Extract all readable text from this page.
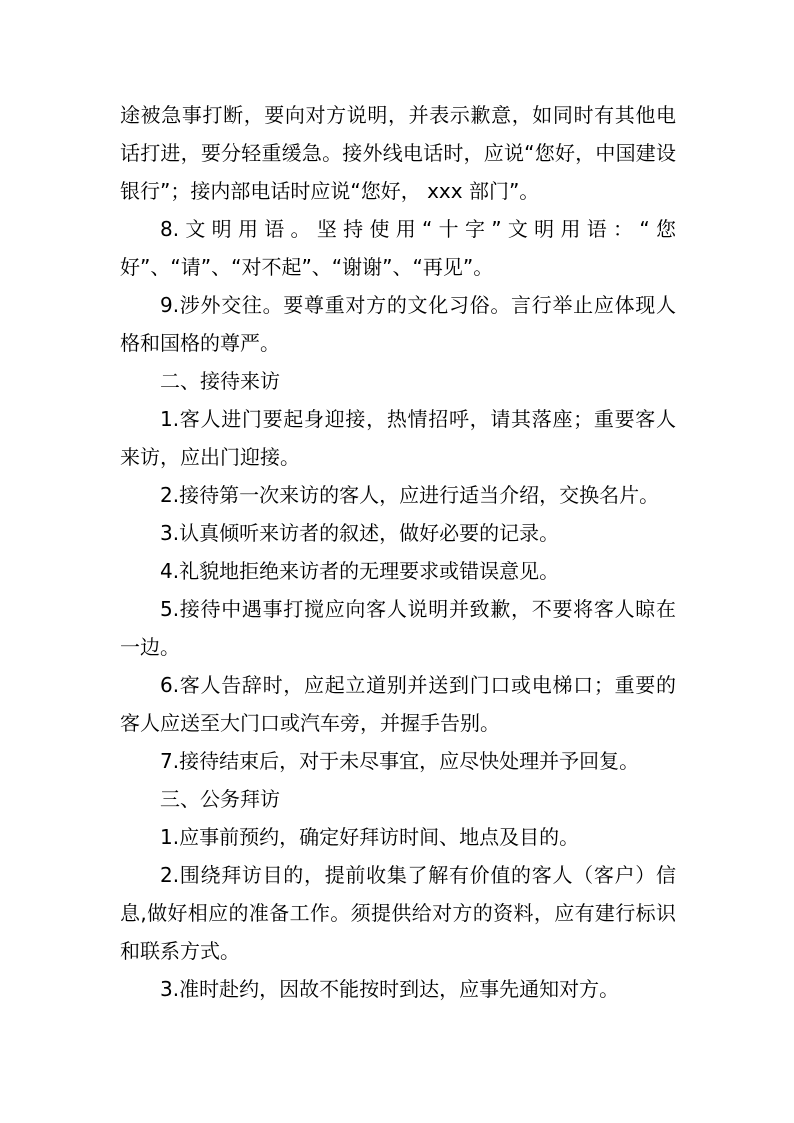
途被急事打断，要向对方说明，并表示歉意，如同时有其他电话打进，要分轻重缓急。接外线电话时，应说“您好，中国建设银行”；接内部电话时应说“您好， xxx 部门”。

8.文明用语。坚持使用“十字”文明用语：“您好”、“请”、“对不起”、“谢谢”、“再见”。

9.涉外交往。要尊重对方的文化习俗。言行举止应体现人格和国格的尊严。

二、接待来访

1.客人进门要起身迎接，热情招呼，请其落座；重要客人来访，应出门迎接。

2.接待第一次来访的客人，应进行适当介绍，交换名片。

3.认真倾听来访者的叙述，做好必要的记录。

4.礼貌地拒绝来访者的无理要求或错误意见。

5.接待中遇事打搅应向客人说明并致歉，不要将客人晾在一边。

6.客人告辞时，应起立道别并送到门口或电梯口；重要的客人应送至大门口或汽车旁，并握手告别。

7.接待结束后，对于未尽事宜，应尽快处理并予回复。

三、公务拜访

1.应事前预约，确定好拜访时间、地点及目的。

2.围绕拜访目的，提前收集了解有价值的客人（客户）信息,做好相应的准备工作。须提供给对方的资料，应有建行标识和联系方式。

3.准时赴约，因故不能按时到达，应事先通知对方。
